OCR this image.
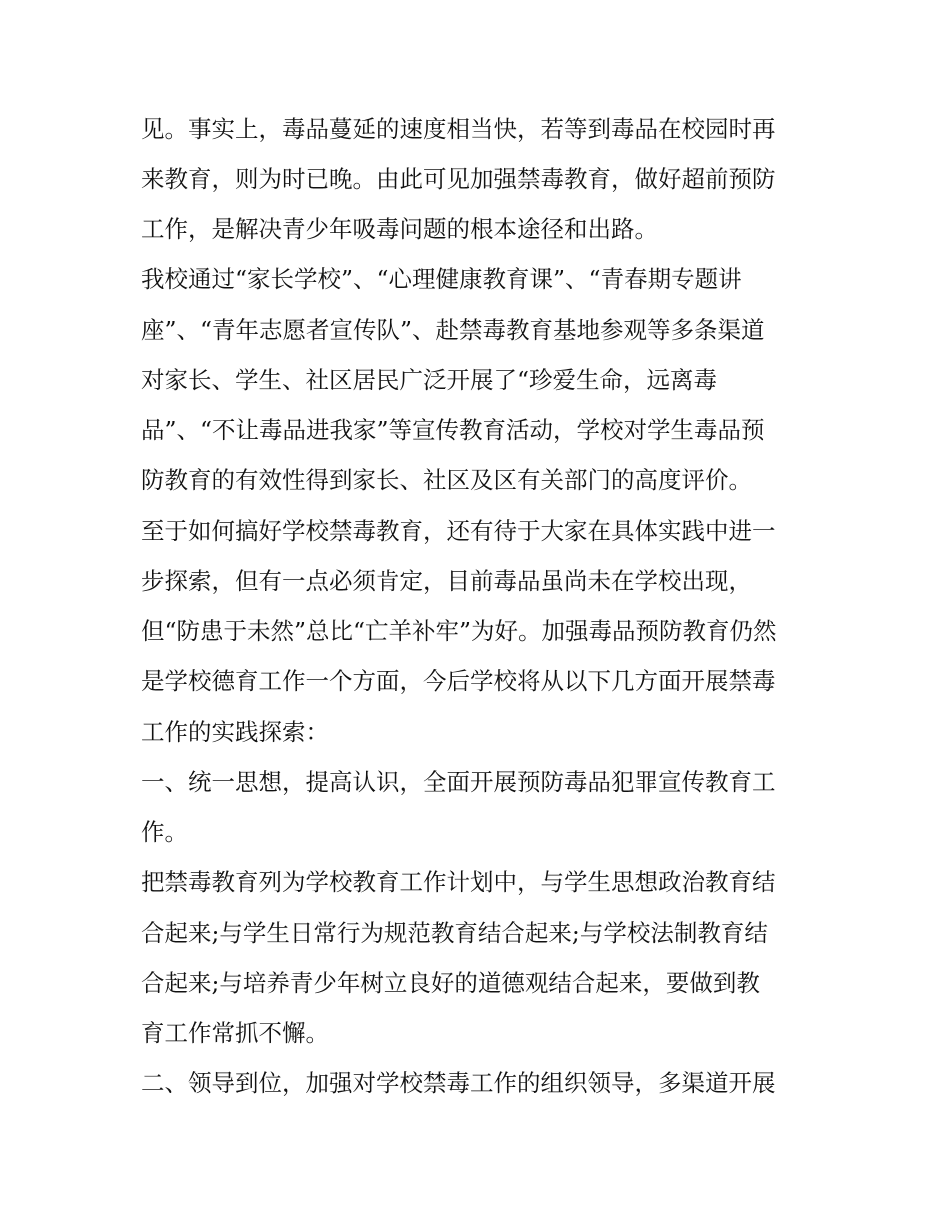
见。事实上，毒品蔓延的速度相当快，若等到毒品在校园时再
来教育，则为时已晚。由此可见加强禁毒教育，做好超前预防
工作，是解决青少年吸毒问题的根本途径和出路。
我校通过“家长学校”、“心理健康教育课”、“青春期专题讲
座”、“青年志愿者宣传队”、赴禁毒教育基地参观等多条渠道
对家长、学生、社区居民广泛开展了“珍爱生命，远离毒
品”、“不让毒品进我家”等宣传教育活动，学校对学生毒品预
防教育的有效性得到家长、社区及区有关部门的高度评价。
至于如何搞好学校禁毒教育，还有待于大家在具体实践中进一
步探索，但有一点必须肯定，目前毒品虽尚未在学校出现，
但“防患于未然”总比“亡羊补牢”为好。加强毒品预防教育仍然
是学校德育工作一个方面，今后学校将从以下几方面开展禁毒
工作的实践探索：
一、统一思想，提高认识，全面开展预防毒品犯罪宣传教育工
作。
把禁毒教育列为学校教育工作计划中，与学生思想政治教育结
合起来;与学生日常行为规范教育结合起来;与学校法制教育结
合起来;与培养青少年树立良好的道德观结合起来，要做到教
育工作常抓不懈。
二、领导到位，加强对学校禁毒工作的组织领导，多渠道开展
